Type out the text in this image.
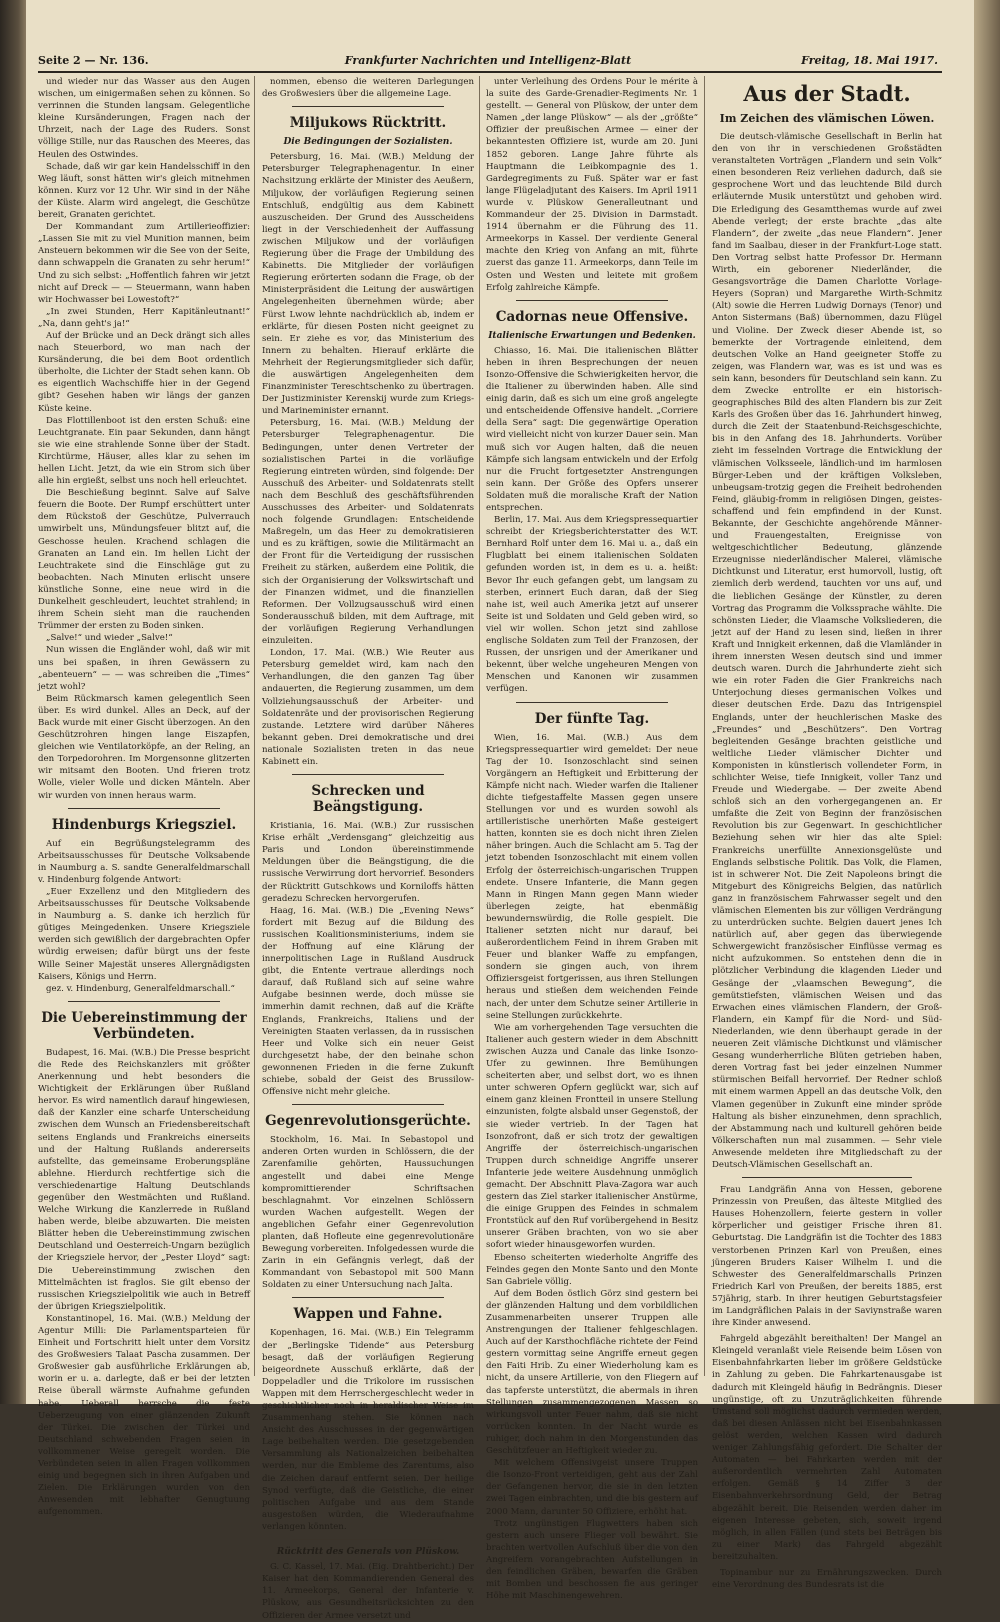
Seite 2 — Nr. 136.	Frankfurter Nachrichten und Intelligenz-Blatt	Freitag, 18. Mai 1917.

und wieder nur das Wasser aus den Augen wischen, um einigermaßen sehen zu können. So verrinnen die Stunden langsam. Gelegentliche kleine Kursänderungen, Fragen nach der Uhrzeit, nach der Lage des Ruders. Sonst völlige Stille, nur das Rauschen des Meeres, das Heulen des Ostwindes.

Schade, daß wir gar kein Handelsschiff in den Weg läuft, sonst hätten wir's gleich mitnehmen können. Kurz vor 12 Uhr. Wir sind in der Nähe der Küste. Alarm wird angelegt, die Geschütze bereit, Granaten gerichtet.

Der Kommandant zum Artillerieoffizier: „Lassen Sie mit zu viel Munition mannen, beim Ansteuern bekommen wir die See von der Seite, dann schwappeln die Granaten zu sehr herum!“ Und zu sich selbst: „Hoffentlich fahren wir jetzt nicht auf Dreck — — Steuermann, wann haben wir Hochwasser bei Lowestoft?“

„In zwei Stunden, Herr Kapitänleutnant!“ „Na, dann geht's ja!“

Auf der Brücke und an Deck drängt sich alles nach Steuerbord, wo man nach der Kursänderung, die bei dem Boot ordentlich überholte, die Lichter der Stadt sehen kann. Ob es eigentlich Wachschiffe hier in der Gegend gibt? Gesehen haben wir längs der ganzen Küste keine.

Das Flottillenboot ist den ersten Schuß: eine Leuchtgranate. Ein paar Sekunden, dann hängt sie wie eine strahlende Sonne über der Stadt. Kirchtürme, Häuser, alles klar zu sehen im hellen Licht. Jetzt, da wie ein Strom sich über alle hin ergießt, selbst uns noch hell erleuchtet.

Die Beschießung beginnt. Salve auf Salve feuern die Boote. Der Rumpf erschüttert unter dem Rückstoß der Geschütze, Pulverrauch umwirbelt uns, Mündungsfeuer blitzt auf, die Geschosse heulen. Krachend schlagen die Granaten an Land ein. Im hellen Licht der Leuchtrakete sind die Einschläge gut zu beobachten. Nach Minuten erlischt unsere künstliche Sonne, eine neue wird in die Dunkelheit geschleudert, leuchtet strahlend; in ihrem Schein sieht man die rauchenden Trümmer der ersten zu Boden sinken.

„Salve!“ und wieder „Salve!“

Nun wissen die Engländer wohl, daß wir mit uns bei spaßen, in ihren Gewässern zu „abenteuern“ — — was schreiben die „Times“ jetzt wohl?

Beim Rückmarsch kamen gelegentlich Seen über. Es wird dunkel. Alles an Deck, auf der Back wurde mit einer Gischt überzogen. An den Geschützrohren hingen lange Eiszapfen, gleichen wie Ventilatorköpfe, an der Reling, an den Torpedorohren. Im Morgensonne glitzerten wir mitsamt den Booten. Und frieren trotz Wolle, vieler Wolle und dicken Mänteln. Aber wir wurden von innen heraus warm.

Hindenburgs Kriegsziel.

Auf ein Begrüßungstelegramm des Arbeitsausschusses für Deutsche Volksabende in Naumburg a. S. sandte Generalfeldmarschall v. Hindenburg folgende Antwort:

„Euer Exzellenz und den Mitgliedern des Arbeitsausschusses für Deutsche Volksabende in Naumburg a. S. danke ich herzlich für gütiges Meingedenken. Unsere Kriegsziele werden sich gewißlich der dargebrachten Opfer würdig erweisen; dafür bürgt uns der feste Wille Seiner Majestät unseres Allergnädigsten Kaisers, Königs und Herrn.

gez. v. Hindenburg, Generalfeldmarschall.“

Die Uebereinstimmung der Verbündeten.

Budapest, 16. Mai. (W.B.) Die Presse bespricht die Rede des Reichskanzlers mit größter Anerkennung und hebt besonders die Wichtigkeit der Erklärungen über Rußland hervor. Es wird namentlich darauf hingewiesen, daß der Kanzler eine scharfe Unterscheidung zwischen dem Wunsch an Friedensbereitschaft seitens Englands und Frankreichs einerseits und der Haltung Rußlands andererseits aufstellte, das gemeinsame Eroberungspläne ablehne. Hierdurch rechtfertige sich die verschiedenartige Haltung Deutschlands gegenüber den Westmächten und Rußland. Welche Wirkung die Kanzlerrede in Rußland haben werde, bleibe abzuwarten. Die meisten Blätter heben die Uebereinstimmung zwischen Deutschland und Oesterreich-Ungarn bezüglich der Kriegsziele hervor, der „Pester Lloyd“ sagt: Die Uebereinstimmung zwischen den Mittelmächten ist fraglos. Sie gilt ebenso der russischen Kriegszielpolitik wie auch in Betreff der übrigen Kriegszielpolitik.

Konstantinopel, 16. Mai. (W.B.) Meldung der Agentur Milli: Die Parlamentsparteien für Einheit und Fortschritt hielt unter dem Vorsitz des Großwesiers Talaat Pascha zusammen. Der Großwesier gab ausführliche Erklärungen ab, worin er u. a. darlegte, daß er bei der letzten Reise überall wärmste Aufnahme gefunden habe. Ueberall herrsche die feste Ueberzeugung von einer glänzenden Zukunft der Türkei. Die zwischen der Türkei und Deutschland schwebenden Fragen seien in vollkommener Weise geregelt worden. Die Verbündeten seien in allen Fragen vollkommen einig und begegnen sich in ihren Aufgaben und Zielen. Die Erklärungen wurden von den Anwesenden mit lebhafter Genugtuung aufgenommen.

nommen, ebenso die weiteren Darlegungen des Großwesiers über die allgemeine Lage.

Miljukows Rücktritt.
Die Bedingungen der Sozialisten.

Petersburg, 16. Mai. (W.B.) Meldung der Petersburger Telegraphenagentur. In einer Nachsitzung erklärte der Minister des Aeußern, Miljukow, der vorläufigen Regierung seinen Entschluß, endgültig aus dem Kabinett auszuscheiden. Der Grund des Ausscheidens liegt in der Verschiedenheit der Auffassung zwischen Miljukow und der vorläufigen Regierung über die Frage der Umbildung des Kabinetts. Die Mitglieder der vorläufigen Regierung erörterten sodann die Frage, ob der Ministerpräsident die Leitung der auswärtigen Angelegenheiten übernehmen würde; aber Fürst Lwow lehnte nachdrücklich ab, indem er erklärte, für diesen Posten nicht geeignet zu sein. Er ziehe es vor, das Ministerium des Innern zu behalten. Hierauf erklärte die Mehrheit der Regierungsmitglieder sich dafür, die auswärtigen Angelegenheiten dem Finanzminister Tereschtschenko zu übertragen. Der Justizminister Kerenskij wurde zum Kriegs- und Marineminister ernannt.

Petersburg, 16. Mai. (W.B.) Meldung der Petersburger Telegraphenagentur. Die Bedingungen, unter denen Vertreter der sozialistischen Partei in die vorläufige Regierung eintreten würden, sind folgende: Der Ausschuß des Arbeiter- und Soldatenrats stellt nach dem Beschluß des geschäftsführenden Ausschusses des Arbeiter- und Soldatenrats noch folgende Grundlagen: Entscheidende Maßregeln, um das Heer zu demokratisieren und es zu kräftigen, sowie die Militärmacht an der Front für die Verteidigung der russischen Freiheit zu stärken, außerdem eine Politik, die sich der Organisierung der Volkswirtschaft und der Finanzen widmet, und die finanziellen Reformen. Der Vollzugsausschuß wird einen Sonderausschuß bilden, mit dem Auftrage, mit der vorläufigen Regierung Verhandlungen einzuleiten.

London, 17. Mai. (W.B.) Wie Reuter aus Petersburg gemeldet wird, kam nach den Verhandlungen, die den ganzen Tag über andauerten, die Regierung zusammen, um dem Vollziehungsausschuß der Arbeiter- und Soldatenräte und der provisorischen Regierung zustande. Letztere wird darüber Näheres bekannt geben. Drei demokratische und drei nationale Sozialisten treten in das neue Kabinett ein.

Schrecken und Beängstigung.

Kristiania, 16. Mai. (W.B.) Zur russischen Krise erhält „Verdensgang“ gleichzeitig aus Paris und London übereinstimmende Meldungen über die Beängstigung, die die russische Verwirrung dort hervorrief. Besonders der Rücktritt Gutschkows und Korniloffs hätten geradezu Schrecken hervorgerufen.

Haag, 16. Mai. (W.B.) Die „Evening News“ fordert mit Bezug auf die Bildung des russischen Koalitionsministeriums, indem sie der Hoffnung auf eine Klärung der innerpolitischen Lage in Rußland Ausdruck gibt, die Entente vertraue allerdings noch darauf, daß Rußland sich auf seine wahre Aufgabe besinnen werde, doch müsse sie immerhin damit rechnen, daß auf die Kräfte Englands, Frankreichs, Italiens und der Vereinigten Staaten verlassen, da in russischen Heer und Volke sich ein neuer Geist durchgesetzt habe, der den beinahe schon gewonnenen Frieden in die ferne Zukunft schiebe, sobald der Geist des Brussilow-Offensive nicht mehr gleiche.

Gegenrevolutionsgerüchte.

Stockholm, 16. Mai. In Sebastopol und anderen Orten wurden in Schlössern, die der Zarenfamilie gehörten, Haussuchungen angestellt und dabei eine Menge kompromittierender Schriftsachen beschlagnahmt. Vor einzelnen Schlössern wurden Wachen aufgestellt. Wegen der angeblichen Gefahr einer Gegenrevolution planten, daß Hofleute eine gegenrevolutionäre Bewegung vorbereiten. Infolgedessen wurde die Zarin in ein Gefängnis verlegt, daß der Kommandant von Sebastopol mit 500 Mann Soldaten zu einer Untersuchung nach Jalta.

Wappen und Fahne.

Kopenhagen, 16. Mai. (W.B.) Ein Telegramm der „Berlingske Tidende“ aus Petersburg besagt, daß der vorläufigen Regierung beigeordnete Ausschuß erklärte, daß der Doppeladler und die Trikolore im russischen Wappen mit dem Herrschergeschlecht weder in geschichtlicher noch in heraldischer Weise im Zusammenhang stehen. Sie können nach Ansicht des Ausschusses in der gegenwärtigen Lage beibehalten werden. Die gesetzgebenden Versammlung als Nationalzeichen beibehalten werden, nur die Embleme des Zarentums, also die Zeichen darauf entfernt seien. Der heilige Synod verfügte, daß die Geistliche, die einer politischen Aufgabe und aus dem Stande ausgestoßen würden, die Wiederaufnahme verlangen könnten.

Rücktritt des Generals von Plüskow.

G. C. Kassel, 17. Mai. (Eig. Drahtbericht.) Der Kaiser hat den Kommandierenden General des 11. Armeekorps, General der Infanterie v. Plüskow, aus Gesundheitsrücksichten zu den Offizieren der Armee versetzt und

unter Verleihung des Ordens Pour le mérite à la suite des Garde-Grenadier-Regiments Nr. 1 gestellt. — General von Plüskow, der unter dem Namen „der lange Plüskow“ — als der „größte“ Offizier der preußischen Armee — einer der bekanntesten Offiziere ist, wurde am 20. Juni 1852 geboren. Lange Jahre führte als Hauptmann die Leibkompagnie des 1. Gardegregiments zu Fuß. Später war er fast lange Flügeladjutant des Kaisers. Im April 1911 wurde v. Plüskow Generalleutnant und Kommandeur der 25. Division in Darmstadt. 1914 übernahm er die Führung des 11. Armeekorps in Kassel. Der verdiente General machte den Krieg von Anfang an mit, führte zuerst das ganze 11. Armeekorps, dann Teile im Osten und Westen und leitete mit großem Erfolg zahlreiche Kämpfe.

Cadornas neue Offensive.
Italienische Erwartungen und Bedenken.

Chiasso, 16. Mai. Die italienischen Blätter heben in ihren Besprechungen der neuen Isonzo-Offensive die Schwierigkeiten hervor, die die Italiener zu überwinden haben. Alle sind einig darin, daß es sich um eine groß angelegte und entscheidende Offensive handelt. „Corriere della Sera“ sagt: Die gegenwärtige Operation wird vielleicht nicht von kurzer Dauer sein. Man muß sich vor Augen halten, daß die neuen Kämpfe sich langsam entwickeln und der Erfolg nur die Frucht fortgesetzter Anstrengungen sein kann. Der Größe des Opfers unserer Soldaten muß die moralische Kraft der Nation entsprechen.

Berlin, 17. Mai. Aus dem Kriegspressequartier schreibt der Kriegsberichterstatter des W.T. Bernhard Rolf unter dem 16. Mai u. a., daß ein Flugblatt bei einem italienischen Soldaten gefunden worden ist, in dem es u. a. heißt: Bevor Ihr euch gefangen gebt, um langsam zu sterben, erinnert Euch daran, daß der Sieg nahe ist, weil auch Amerika jetzt auf unserer Seite ist und Soldaten und Geld geben wird, so viel wir wollen. Schon jetzt sind zahllose englische Soldaten zum Teil der Franzosen, der Russen, der unsrigen und der Amerikaner und bekennt, über welche ungeheuren Mengen von Menschen und Kanonen wir zusammen verfügen.

Der fünfte Tag.

Wien, 16. Mai. (W.B.) Aus dem Kriegspressequartier wird gemeldet: Der neue Tag der 10. Isonzoschlacht sind seinen Vorgängern an Heftigkeit und Erbitterung der Kämpfe nicht nach. Wieder warfen die Italiener dichte tiefgestaffelte Massen gegen unsere Stellungen vor und es wurden sowohl als artilleristische unerhörten Maße gesteigert hatten, konnten sie es doch nicht ihren Zielen näher bringen. Auch die Schlacht am 5. Tag der jetzt tobenden Isonzoschlacht mit einem vollen Erfolg der österreichisch-ungarischen Truppen endete. Unsere Infanterie, die Mann gegen Mann in Ringen Mann gegen Mann wieder überlegen zeigte, hat ebenmäßig bewundernswürdig, die Rolle gespielt. Die Italiener setzten nicht nur darauf, bei außerordentlichem Feind in ihrem Graben mit Feuer und blanker Waffe zu empfangen, sondern sie gingen auch, von ihrem Offiziersgeist fortgerissen, aus ihren Stellungen heraus und stießen dem weichenden Feinde nach, der unter dem Schutze seiner Artillerie in seine Stellungen zurückkehrte.

Wie am vorhergehenden Tage versuchten die Italiener auch gestern wieder in dem Abschnitt zwischen Auzza und Canale das linke Isonzo-Ufer zu gewinnen. Ihre Bemühungen scheiterten aber, und selbst dort, wo es ihnen unter schweren Opfern geglückt war, sich auf einem ganz kleinen Frontteil in unsere Stellung einzunisten, folgte alsbald unser Gegenstoß, der sie wieder vertrieb. In der Tagen hat Isonzofront, daß er sich trotz der gewaltigen Angriffe der österreichisch-ungarischen Truppen durch schneidige Angriffe unserer Infanterie jede weitere Ausdehnung unmöglich gemacht. Der Abschnitt Plava-Zagora war auch gestern das Ziel starker italienischer Anstürme, die einige Gruppen des Feindes in schmalem Frontstück auf den Ruf vorübergehend in Besitz unserer Gräben brachten, von wo sie aber sofort wieder hinausgeworfen wurden.

Ebenso scheiterten wiederholte Angriffe des Feindes gegen den Monte Santo und den Monte San Gabriele völlig.

Auf dem Boden östlich Görz sind gestern bei der glänzenden Haltung und dem vorbildlichen Zusammenarbeiten unserer Truppen alle Anstrengungen der Italiener fehlgeschlagen. Auch auf der Karsthochfläche richtete der Feind gestern vormittag seine Angriffe erneut gegen den Faiti Hrib. Zu einer Wiederholung kam es nicht, da unsere Artillerie, von den Fliegern auf das tapferste unterstützt, die abermals in ihren Stellungen zusammengezogenen Massen so wirkungsvoll unter Feuer nahm, daß sie nicht vorrücken konnten. In der Nacht wurde es ruhiger, doch nahm in den Morgenstunden das Geschützfeuer an Heftigkeit wieder zu.

Mit welchem Offensivgeist unsere Truppen die Isonzo-Front verteidigen, geht aus der Zahl der Gefangenen hervor, die sie in den letzten zwei Tagen einbrachten, und die bis gestern auf 2000 Mann, darunter 50 Offiziere, erhöht hat.

Trotz ungünstigen Flugwetters haben sich gestern auch unsere Flieger voll bewährt. Sie brachten wertvollen Aufschluß über die von den Angreifern vorangebrachten Aufstellungen in den feindlichen Gräben, bewarfen die Gräben mit Bomben und beschossen fie aus geringer Höhe mit Maschinengewehren.

Aus der Stadt.
Im Zeichen des vlämischen Löwen.

Die deutsch-vlämische Gesellschaft in Berlin hat den von ihr in verschiedenen Großstädten veranstalteten Vorträgen „Flandern und sein Volk“ einen besonderen Reiz verliehen dadurch, daß sie gesprochene Wort und das leuchtende Bild durch erläuternde Musik unterstützt und gehoben wird. Die Erledigung des Gesamtthemas wurde auf zwei Abende verlegt; der erste brachte „das alte Flandern“, der zweite „das neue Flandern“. Jener fand im Saalbau, dieser in der Frankfurt-Loge statt. Den Vortrag selbst hatte Professor Dr. Hermann Wirth, ein geborener Niederländer, die Gesangsvorträge die Damen Charlotte Vorlage-Heyers (Sopran) und Margarethe Wirth-Schmitz (Alt) sowie die Herren Ludwig Dornays (Tenor) und Anton Sistermans (Baß) übernommen, dazu Flügel und Violine. Der Zweck dieser Abende ist, so bemerkte der Vortragende einleitend, dem deutschen Volke an Hand geeigneter Stoffe zu zeigen, was Flandern war, was es ist und was es sein kann, besonders für Deutschland sein kann. Zu dem Zwecke entrollte er ein historisch-geographisches Bild des alten Flandern bis zur Zeit Karls des Großen über das 16. Jahrhundert hinweg, durch die Zeit der Staatenbund-Reichsgeschichte, bis in den Anfang des 18. Jahrhunderts. Vorüber zieht im fesselnden Vortrage die Entwicklung der vlämischen Volksseele, ländlich-und im harmlosen Bürger-Leben und der kräftigen Volksleben, unbeugsam-trotzig gegen die Freiheit bedrohenden Feind, gläubig-fromm in religiösen Dingen, geistes-schaffend und fein empfindend in der Kunst. Bekannte, der Geschichte angehörende Männer- und Frauengestalten, Ereignisse von weltgeschichtlicher Bedeutung, glänzende Erzeugnisse niederländischer Malerei, vlämische Dichtkunst und Literatur, erst humorvoll, lustig, oft ziemlich derb werdend, tauchten vor uns auf, und die lieblichen Gesänge der Künstler, zu deren Vortrag das Programm die Volkssprache wählte. Die schönsten Lieder, die Vlaamsche Volksliederen, die jetzt auf der Hand zu lesen sind, ließen in ihrer Kraft und Innigkeit erkennen, daß die Vlamländer in ihrem innersten Wesen deutsch sind und immer deutsch waren. Durch die Jahrhunderte zieht sich wie ein roter Faden die Gier Frankreichs nach Unterjochung dieses germanischen Volkes und dieser deutschen Erde. Dazu das Intrigenspiel Englands, unter der heuchlerischen Maske des „Freundes“ und „Beschützers“. Den Vortrag begleitenden Gesänge brachten geistliche und weltliche Lieder vlämischer Dichter und Komponisten in künstlerisch vollendeter Form, in schlichter Weise, tiefe Innigkeit, voller Tanz und Freude und Wiedergabe. — Der zweite Abend schloß sich an den vorhergegangenen an. Er umfaßte die Zeit von Beginn der französischen Revolution bis zur Gegenwart. In geschichtlicher Beziehung sehen wir hier das alte Spiel: Frankreichs unerfüllte Annexionsgelüste und Englands selbstische Politik. Das Volk, die Flamen, ist in schwerer Not. Die Zeit Napoleons bringt die Mitgeburt des Königreichs Belgien, das natürlich ganz in französischem Fahrwasser segelt und den vlämischen Elementen bis zur völligen Verdrängung zu unterdrücken suchte. Belgien dauert jenes Ich natürlich auf, aber gegen das überwiegende Schwergewicht französischer Einflüsse vermag es nicht aufzukommen. So entstehen denn die in plötzlicher Verbindung die klagenden Lieder und Gesänge der „vlaamschen Bewegung“, die gemütstiefsten, vlämischen Weisen und das Erwachen eines vlämischen Flandern, der Groß-Flandern, ein Kampf für die Nord- und Süd-Niederlanden, wie denn überhaupt gerade in der neueren Zeit vlämische Dichtkunst und vlämischer Gesang wunderherrliche Blüten getrieben haben, deren Vortrag fast bei jeder einzelnen Nummer stürmischen Beifall hervorrief. Der Redner schloß mit einem warmen Appell an das deutsche Volk, den Vlamen gegenüber in Zukunft eine minder spröde Haltung als bisher einzunehmen, denn sprachlich, der Abstammung nach und kulturell gehören beide Völkerschaften nun mal zusammen. — Sehr viele Anwesende meldeten ihre Mitgliedschaft zu der Deutsch-Vlämischen Gesellschaft an.

Frau Landgräfin Anna von Hessen, geborene Prinzessin von Preußen, das älteste Mitglied des Hauses Hohenzollern, feierte gestern in voller körperlicher und geistiger Frische ihren 81. Geburtstag. Die Landgräfin ist die Tochter des 1883 verstorbenen Prinzen Karl von Preußen, eines jüngeren Bruders Kaiser Wilhelm I. und die Schwester des Generalfeldmarschalls Prinzen Friedrich Karl von Preußen, der bereits 1885, erst 57jährig, starb. In ihrer heutigen Geburtstagsfeier im Landgräflichen Palais in der Saviynstraße waren ihre Kinder anwesend.

Fahrgeld abgezählt bereithalten! Der Mangel an Kleingeld veranlaßt viele Reisende beim Lösen von Eisenbahnfahrkarten lieber im größere Geldstücke in Zahlung zu geben. Die Fahrkartenausgabe ist dadurch mit Kleingeld häufig in Bedrängnis. Dieser ungünstige, oft zu Unzuträglichkeiten führende Umstand soll möglichst dadurch vermieden werden, daß bei diesen Anlässen nicht bei Eisenbahnkassen gelöst werden, welchen Kassen wird dadurch weniger Zahlungsfähig gefordert. Die Schalter der Automaten — bei Fahrkarten werden mit der außerordentlich vermehrten Zahl Automaten erfolgen. Gemäß § 14 Ziffer 3 der Eisenbahnverkehrsordnung Geld, der Betrag abgezählt bereit. Die Reisenden werden daher im eigenen Interesse gebeten, sich, soweit irgend möglich, in allen Fällen (und stets bei Beträgen bis zu einer Mark) das Fahrgeld abgezählt bereitzuhalten.

Topinambur nur zu Ernährungszwecken. Durch eine Verordnung des Bundesrats ist die
